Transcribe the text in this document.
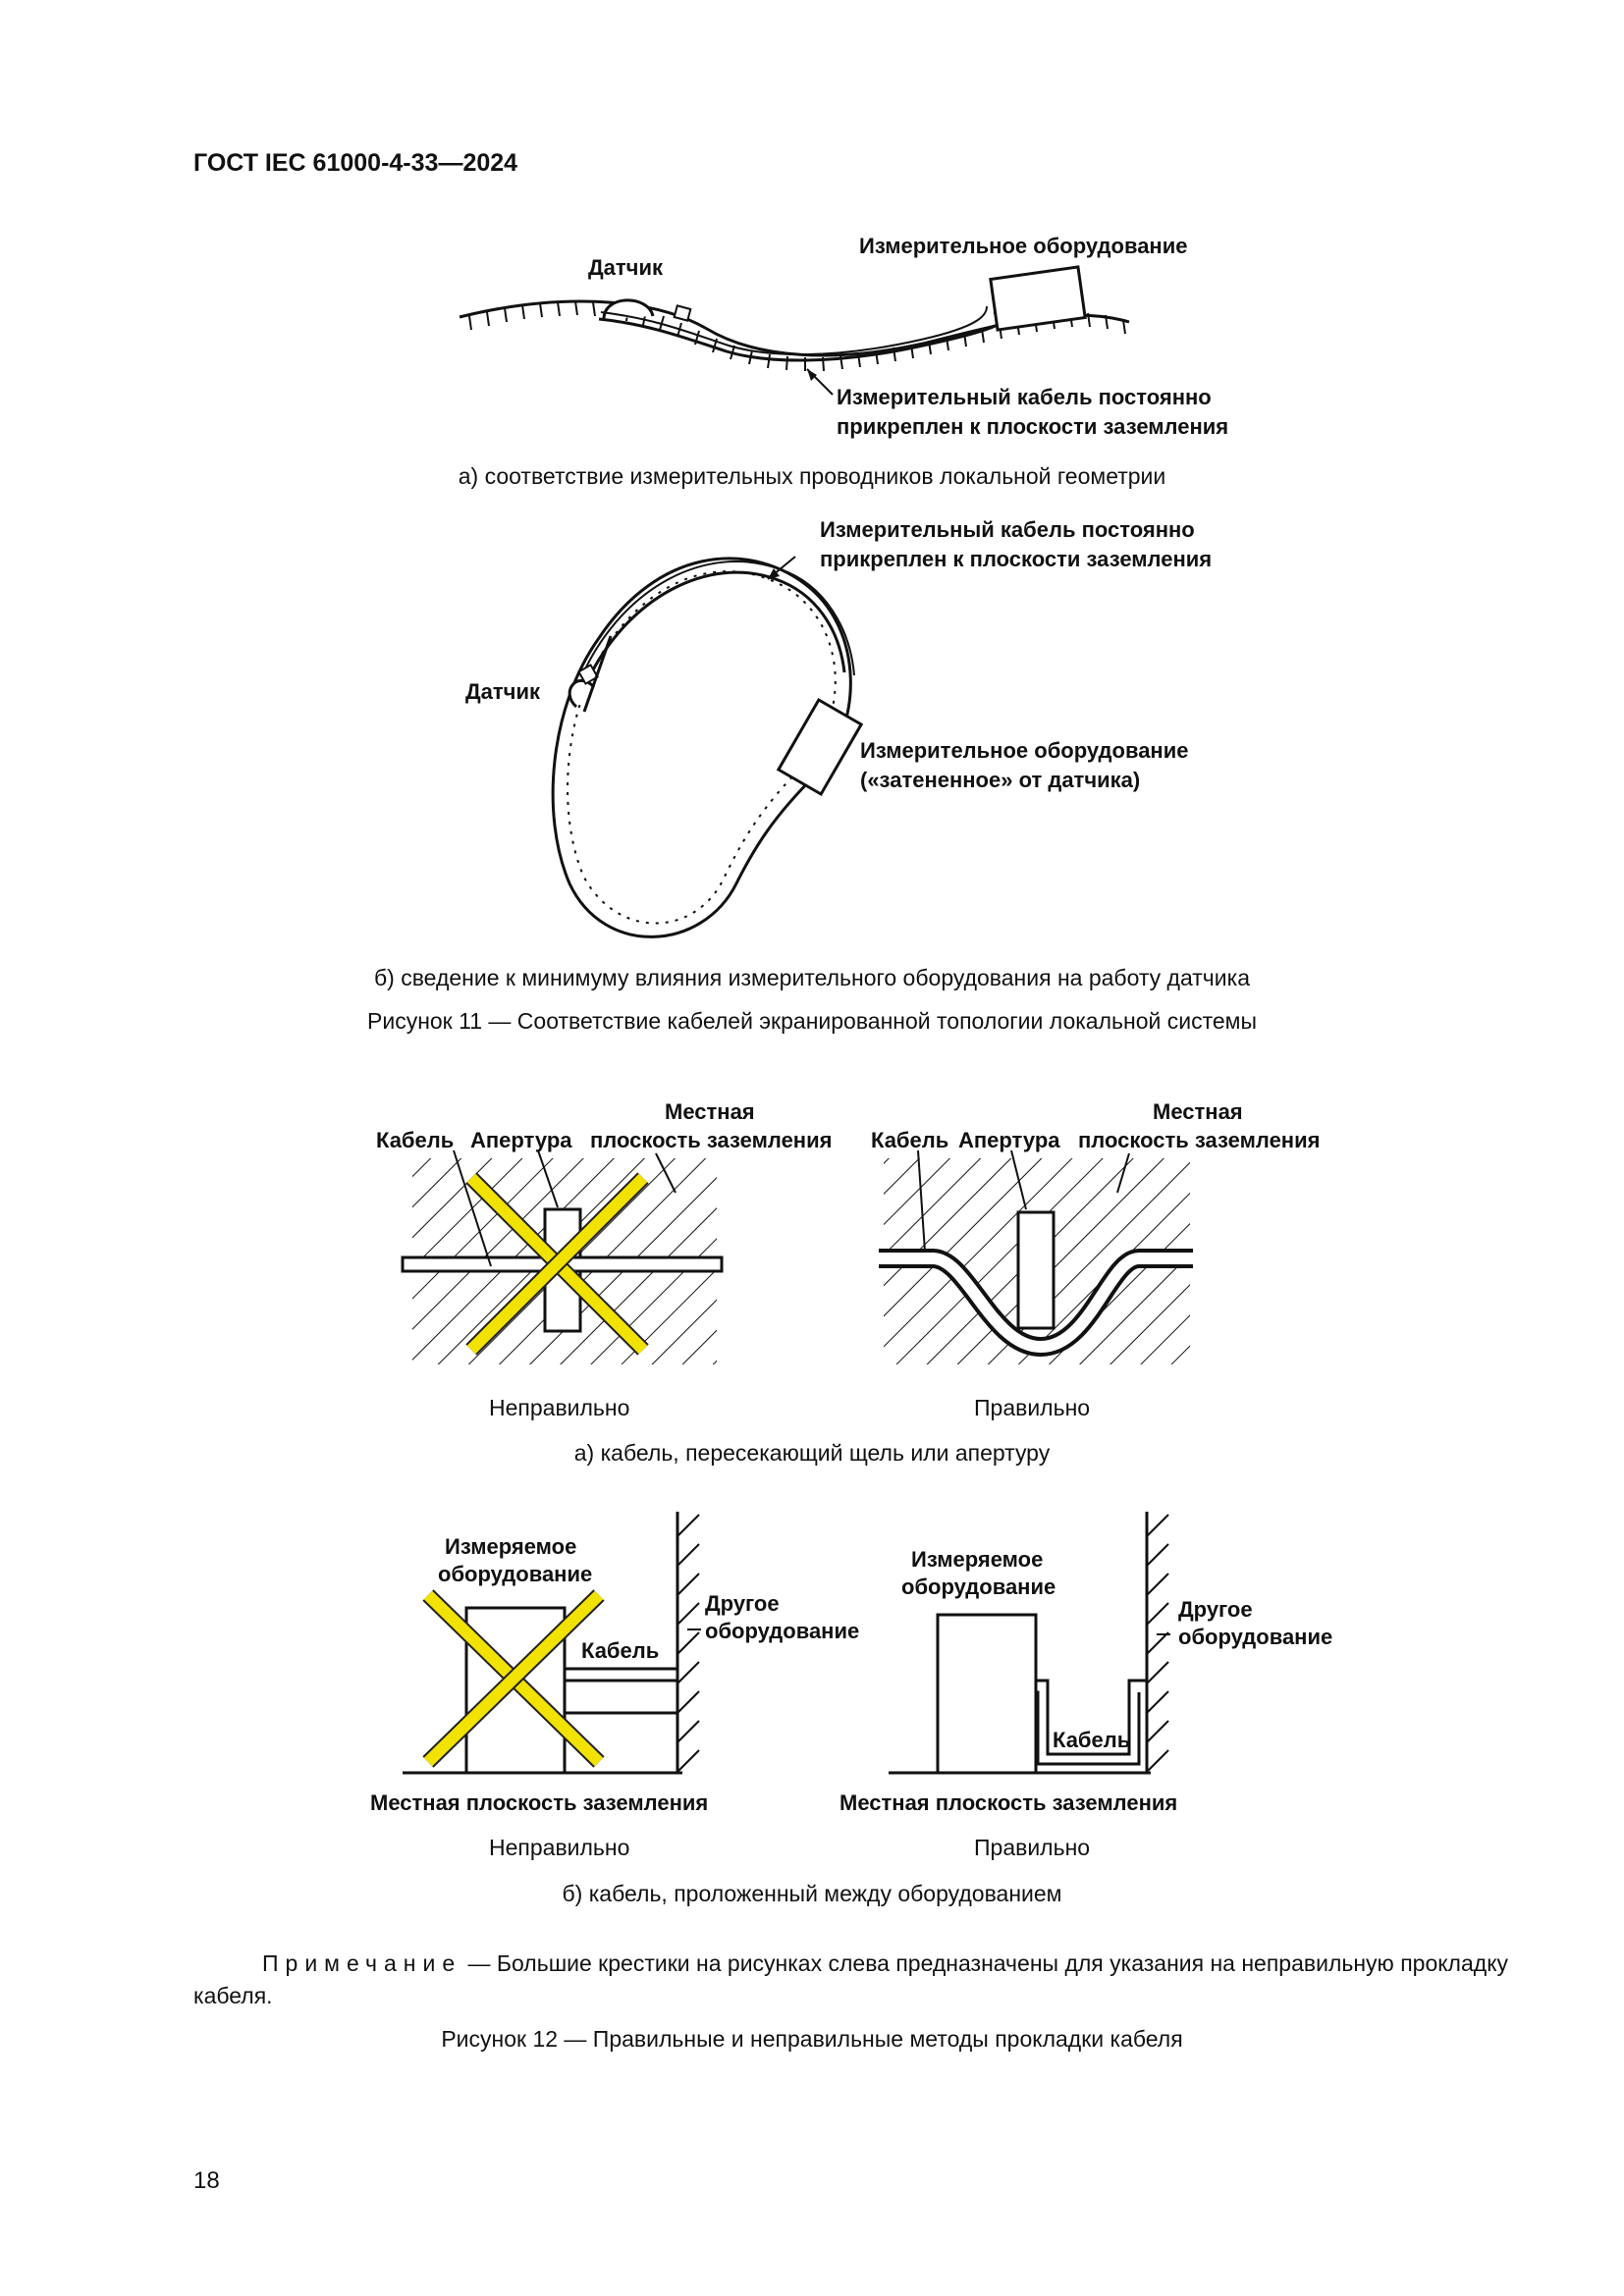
ГОСТ IEC 61000-4-33—2024
Датчик
Измерительное оборудование
Измерительный кабель постоянно
прикреплен к плоскости заземления
а) соответствие измерительных проводников локальной геометрии
Измерительный кабель постоянно
прикреплен к плоскости заземления
Датчик
Измерительное оборудование
(«затененное» от датчика)
б) сведение к минимуму влияния измерительного оборудования на работу датчика
Рисунок 11 — Соответствие кабелей экранированной топологии локальной системы
Местная
Кабель Апертура плоскость заземления
Местная
Кабель Апертура плоскость заземления
Неправильно	Правильно
а) кабель, пересекающий щель или апертуру
Измеряемое
оборудование
Другое
оборудование
Кабель
Местная плоскость заземления
Измеряемое
оборудование
Другое
оборудование
Кабель
Местная плоскость заземления
Неправильно	Правильно
б) кабель, проложенный между оборудованием
Примечание — Большие крестики на рисунках слева предназначены для указания на неправильную прокладку кабеля.
Рисунок 12 — Правильные и неправильные методы прокладки кабеля
18
